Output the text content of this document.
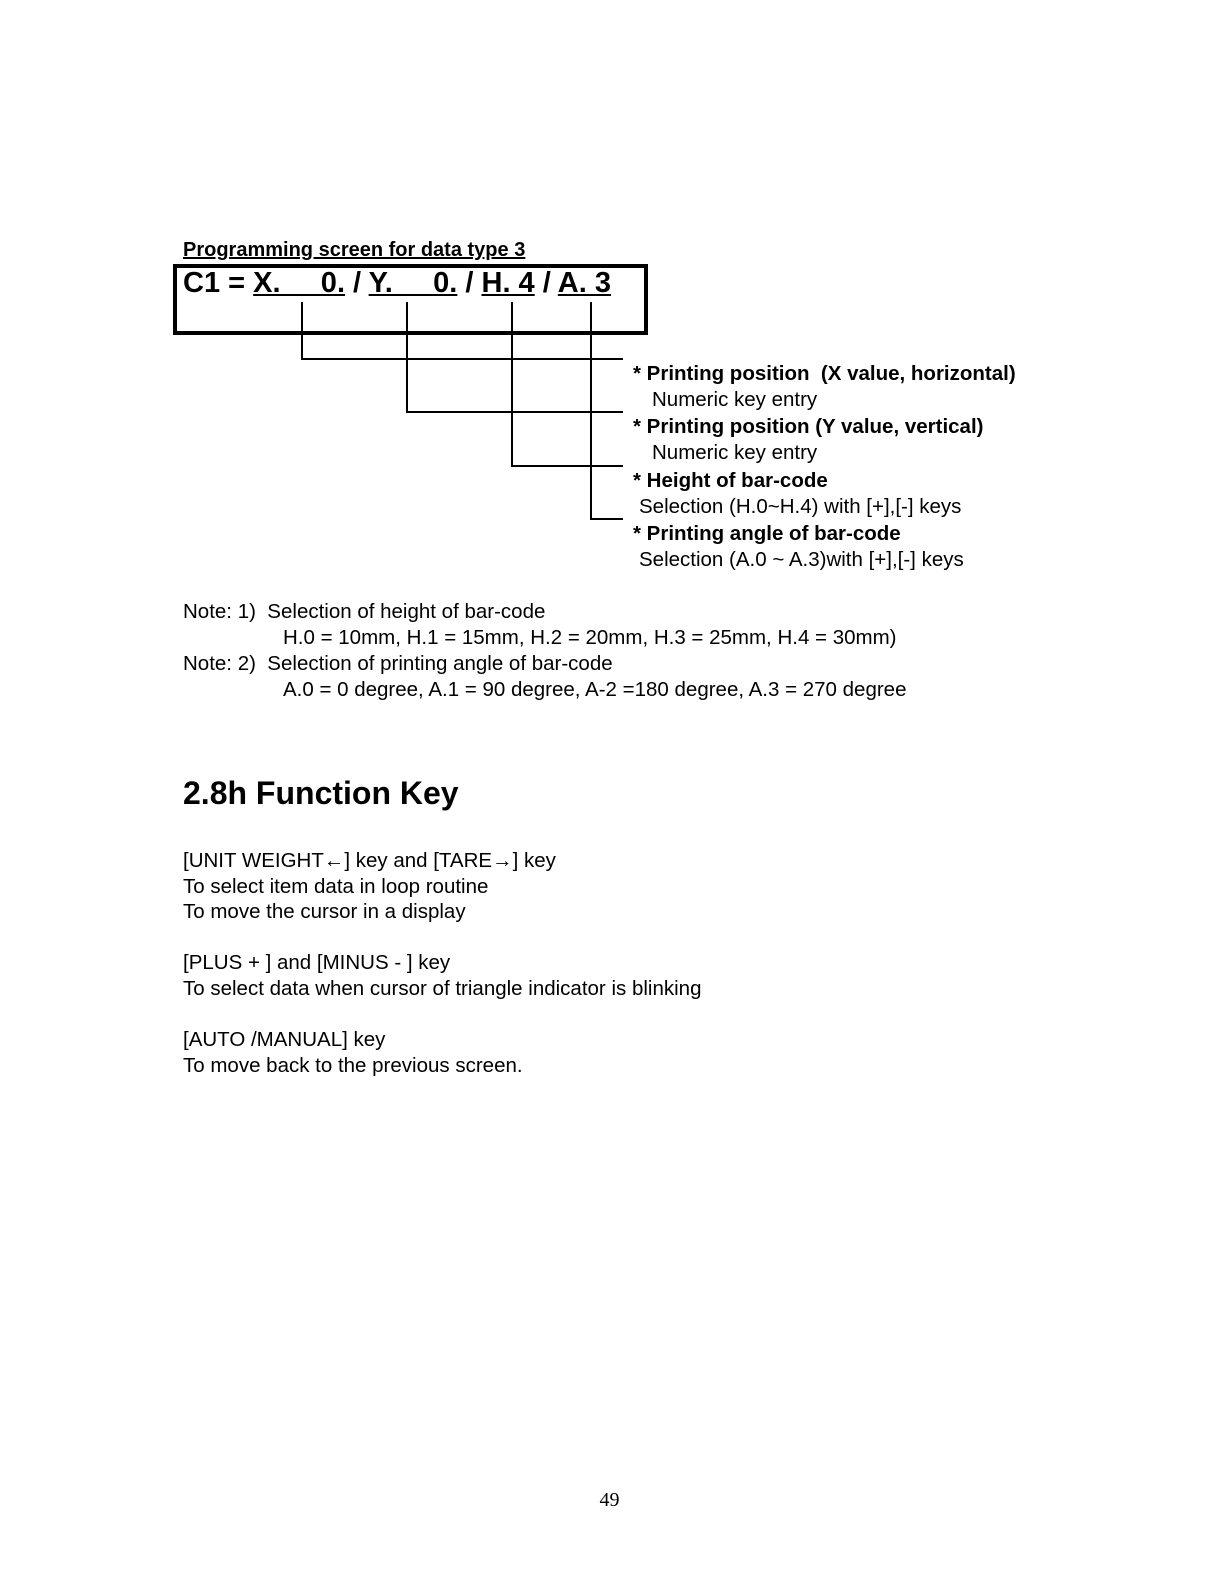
Programming screen for data type 3
C1 = X.     0. / Y.     0. / H. 4 / A. 3
* Printing position  (X value, horizontal)
Numeric key entry
* Printing position (Y value, vertical)
Numeric key entry
* Height of bar-code
Selection (H.0~H.4) with [+],[-] keys
* Printing angle of bar-code
Selection (A.0 ~ A.3)with [+],[-] keys
Note: 1)  Selection of height of bar-code
H.0 = 10mm, H.1 = 15mm, H.2 = 20mm, H.3 = 25mm, H.4 = 30mm)
Note: 2)  Selection of printing angle of bar-code
A.0 = 0 degree, A.1 = 90 degree, A-2 =180 degree, A.3 = 270 degree
2.8h Function Key
[UNIT WEIGHT←] key and [TARE→] key
To select item data in loop routine
To move the cursor in a display
[PLUS + ] and [MINUS - ] key
To select data when cursor of triangle indicator is blinking
[AUTO /MANUAL] key
To move back to the previous screen.
49
